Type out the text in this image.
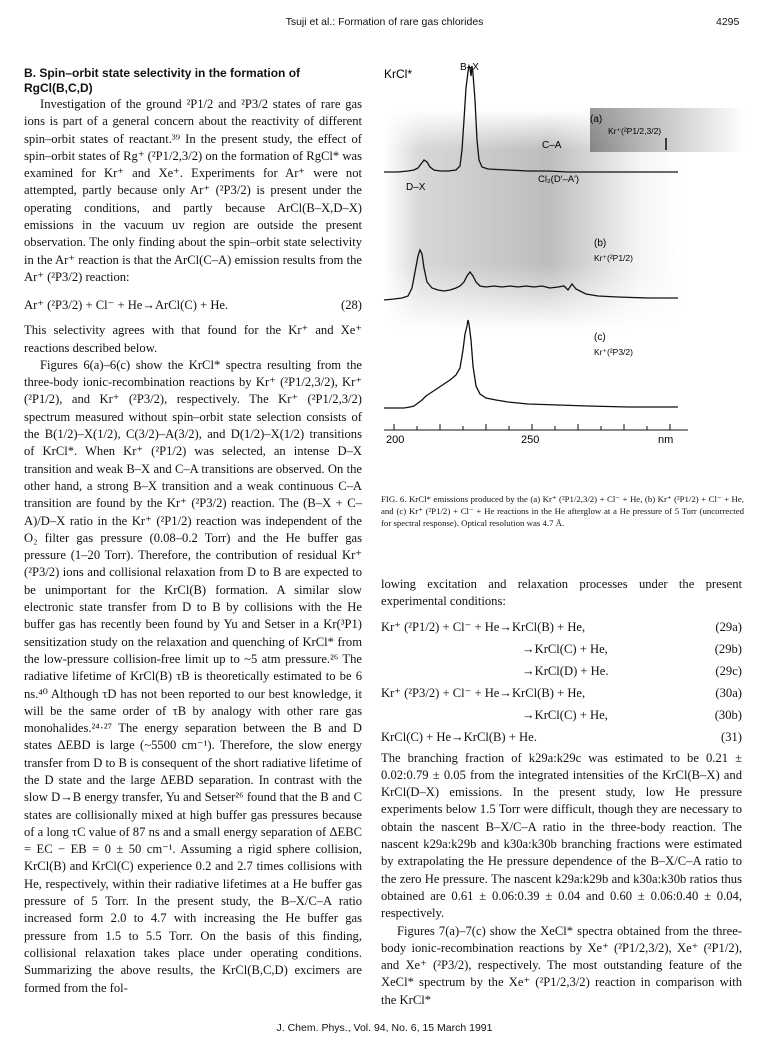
Tsuji et al.: Formation of rare gas chlorides	4295

B. Spin–orbit state selectivity in the formation of RgCl(B,C,D)

Investigation of the ground ²P1/2 and ²P3/2 states of rare gas ions is part of a general concern about the reactivity of different spin–orbit states of reactant.³⁹ In the present study, the effect of spin–orbit states of Rg⁺ (²P1/2,3/2) on the formation of RgCl* was examined for Kr⁺ and Xe⁺. Experiments for Ar⁺ were not attempted, partly because only Ar⁺ (²P3/2) is present under the operating conditions, and partly because ArCl(B–X,D–X) emissions in the vacuum uv region are outside the present observation. The only finding about the spin–orbit state selectivity in the Ar⁺ reaction is that the ArCl(C–A) emission results from the Ar⁺ (²P3/2) reaction:

Ar⁺ (²P3/2) + Cl⁻ + He→ArCl(C) + He.	(28)

This selectivity agrees with that found for the Kr⁺ and Xe⁺ reactions described below.

Figures 6(a)–6(c) show the KrCl* spectra resulting from the three-body ionic-recombination reactions by Kr⁺ (²P1/2,3/2), Kr⁺ (²P1/2), and Kr⁺ (²P3/2), respectively. The Kr⁺ (²P1/2,3/2) spectrum measured without spin–orbit state selection consists of the B(1/2)–X(1/2), C(3/2)–A(3/2), and D(1/2)–X(1/2) transitions of KrCl*. When Kr⁺ (²P1/2) was selected, an intense D–X transition and weak B–X and C–A transitions are observed. On the other hand, a strong B–X transition and a weak continuous C–A transition are found by the Kr⁺ (²P3/2) reaction. The (B–X + C–A)/D–X ratio in the Kr⁺ (²P1/2) reaction was independent of the O₂ filter gas pressure (0.08–0.2 Torr) and the He buffer gas pressure (1–20 Torr). Therefore, the contribution of residual Kr⁺ (²P3/2) ions and collisional relaxation from D to B are expected to be unimportant for the KrCl(B) formation. A similar slow electronic state transfer from D to B by collisions with the He buffer gas has recently been found by Yu and Setser in a Kr(³P1) sensitization study on the relaxation and quenching of KrCl* from the low-pressure collision-free limit up to ~5 atm pressure.²⁶ The radiative lifetime of KrCl(B) τB is theoretically estimated to be 6 ns.⁴⁰ Although τD has not been reported to our best knowledge, it will be the same order of τB by analogy with other rare gas monohalides.²⁴·²⁷ The energy separation between the B and D states ΔEBD is large (~5500 cm⁻¹). Therefore, the slow energy transfer from D to B is consequent of the short radiative lifetime of the D state and the large ΔEBD separation. In contrast with the slow D→B energy transfer, Yu and Setser²⁶ found that the B and C states are collisionally mixed at high buffer gas pressures because of a long τC value of 87 ns and a small energy separation of ΔEBC = EC − EB = 0 ± 50 cm⁻¹. Assuming a rigid sphere collision, KrCl(B) and KrCl(C) experience 0.2 and 2.7 times collisions with He, respectively, within their radiative lifetimes at a He buffer gas pressure of 5 Torr. In the present study, the B–X/C–A ratio increased form 2.0 to 4.7 with increasing the He buffer gas pressure from 1.5 to 5.5 Torr. On the basis of this finding, collisional relaxation takes place under operating conditions. Summarizing the above results, the KrCl(B,C,D) excimers are formed from the fol-

200	250	nm
KrCl*	B–X
C–A
D–X
Cl₂(D′–A′)
(a)
Kr⁺(²P1/2,3/2)
(b)
Kr⁺(²P1/2)
(c)
Kr⁺(²P3/2)
FIG. 6. KrCl* emissions produced by the (a) Kr⁺ (²P1/2,3/2) + Cl⁻ + He, (b) Kr⁺ (²P1/2) + Cl⁻ + He, and (c) Kr⁺ (²P1/2) + Cl⁻ + He reactions in the He afterglow at a He pressure of 5 Torr (uncorrected for spectral response). Optical resolution was 4.7 Å.

lowing excitation and relaxation processes under the present experimental conditions:

Kr⁺ (²P1/2) + Cl⁻ + He→KrCl(B) + He,	(29a)
→KrCl(C) + He,	(29b)
→KrCl(D) + He.	(29c)
Kr⁺ (²P3/2) + Cl⁻ + He→KrCl(B) + He,	(30a)
→KrCl(C) + He,	(30b)
KrCl(C) + He→KrCl(B) + He.	(31)

The branching fraction of k29a:k29c was estimated to be 0.21 ± 0.02:0.79 ± 0.05 from the integrated intensities of the KrCl(B–X) and KrCl(D–X) emissions. In the present study, low He pressure experiments below 1.5 Torr were difficult, though they are necessary to obtain the nascent B–X/C–A ratio in the three-body reaction. The nascent k29a:k29b and k30a:k30b branching fractions were estimated by extrapolating the He pressure dependence of the B–X/C–A ratio to the zero He pressure. The nascent k29a:k29b and k30a:k30b ratios thus obtained are 0.61 ± 0.06:0.39 ± 0.04 and 0.60 ± 0.06:0.40 ± 0.04, respectively.

Figures 7(a)–7(c) show the XeCl* spectra obtained from the three-body ionic-recombination reactions by Xe⁺ (²P1/2,3/2), Xe⁺ (²P1/2), and Xe⁺ (²P3/2), respectively. The most outstanding feature of the XeCl* spectrum by the Xe⁺ (²P1/2,3/2) reaction in comparison with the KrCl*

J. Chem. Phys., Vol. 94, No. 6, 15 March 1991
